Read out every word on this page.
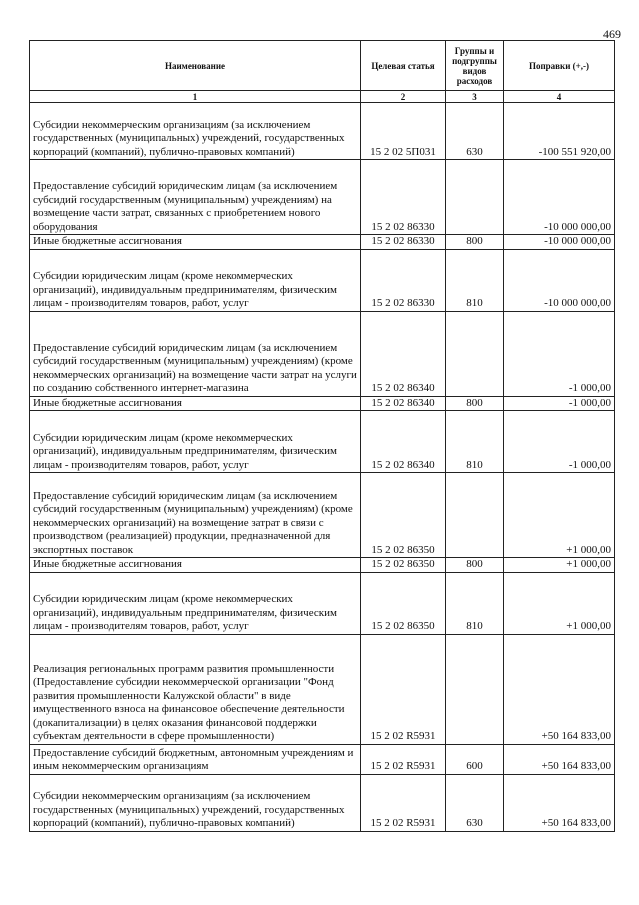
469
Наименование	Целевая статья	Группы и подгруппы видов расходов	Поправки (+,-)
1	2	3	4
Субсидии некоммерческим организациям (за исключением государственных (муниципальных) учреждений, государственных корпораций (компаний), публично-правовых компаний)	15 2 02 5П031	630	-100 551 920,00
Предоставление субсидий юридическим лицам (за исключением субсидий государственным (муниципальным) учреждениям) на возмещение части затрат, связанных с приобретением нового оборудования	15 2 02 86330		-10 000 000,00
Иные бюджетные ассигнования	15 2 02 86330	800	-10 000 000,00
Субсидии юридическим лицам (кроме некоммерческих организаций), индивидуальным предпринимателям, физическим лицам - производителям товаров, работ, услуг	15 2 02 86330	810	-10 000 000,00
Предоставление субсидий юридическим лицам (за исключением субсидий государственным (муниципальным) учреждениям) (кроме некоммерческих организаций) на возмещение части затрат на услуги по созданию собственного интернет-магазина	15 2 02 86340		-1 000,00
Иные бюджетные ассигнования	15 2 02 86340	800	-1 000,00
Субсидии юридическим лицам (кроме некоммерческих организаций), индивидуальным предпринимателям, физическим лицам - производителям товаров, работ, услуг	15 2 02 86340	810	-1 000,00
Предоставление субсидий юридическим лицам (за исключением субсидий государственным (муниципальным) учреждениям) (кроме некоммерческих организаций) на возмещение затрат в связи с производством (реализацией) продукции, предназначенной для экспортных поставок	15 2 02 86350		+1 000,00
Иные бюджетные ассигнования	15 2 02 86350	800	+1 000,00
Субсидии юридическим лицам (кроме некоммерческих организаций), индивидуальным предпринимателям, физическим лицам - производителям товаров, работ, услуг	15 2 02 86350	810	+1 000,00
Реализация региональных программ развития промышленности (Предоставление субсидии некоммерческой организации "Фонд развития промышленности Калужской области" в виде имущественного взноса на финансовое обеспечение деятельности (докапитализации) в целях оказания финансовой поддержки субъектам деятельности в сфере промышленности)	15 2 02 R5931		+50 164 833,00
Предоставление субсидий бюджетным, автономным учреждениям и иным некоммерческим организациям	15 2 02 R5931	600	+50 164 833,00
Субсидии некоммерческим организациям (за исключением государственных (муниципальных) учреждений, государственных корпораций (компаний), публично-правовых компаний)	15 2 02 R5931	630	+50 164 833,00
